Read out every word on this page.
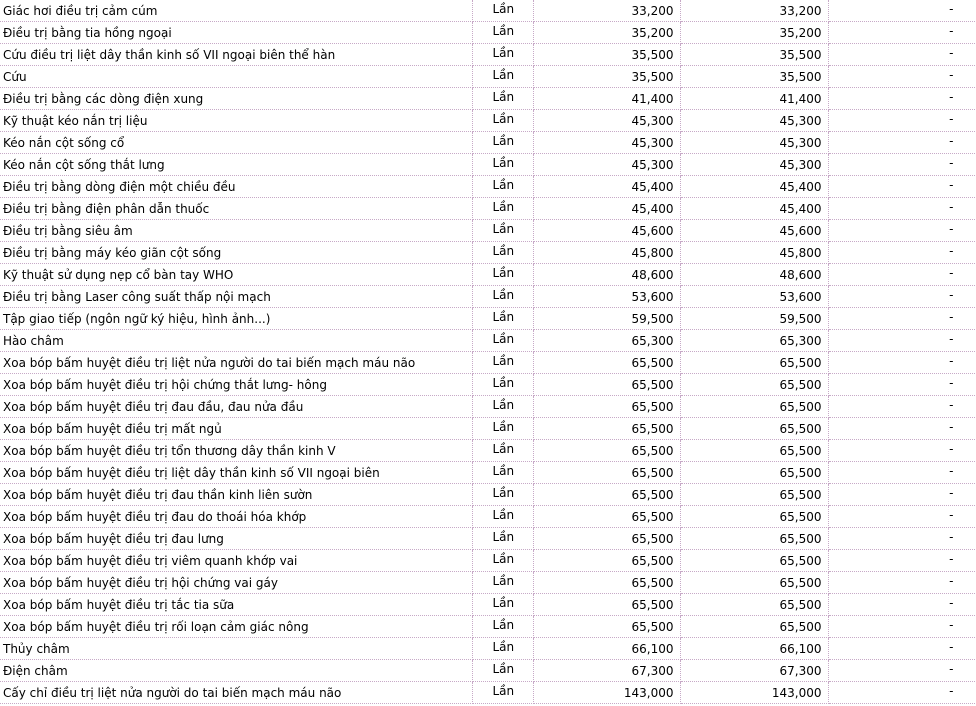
Giác hơi điều trị cảm cúm	Lần	33,200	33,200	-
Điều trị bằng tia hồng ngoại	Lần	35,200	35,200	-
Cứu điều trị liệt dây thần kinh số VII ngoại biên thể hàn	Lần	35,500	35,500	-
Cứu	Lần	35,500	35,500	-
Điều trị bằng các dòng điện xung	Lần	41,400	41,400	-
Kỹ thuật kéo nắn trị liệu	Lần	45,300	45,300	-
Kéo nắn cột sống cổ	Lần	45,300	45,300	-
Kéo nắn cột sống thắt lưng	Lần	45,300	45,300	-
Điều trị bằng dòng điện một chiều đều	Lần	45,400	45,400	-
Điều trị bằng điện phân dẫn thuốc	Lần	45,400	45,400	-
Điều trị bằng siêu âm	Lần	45,600	45,600	-
Điều trị bằng máy kéo giãn cột sống	Lần	45,800	45,800	-
Kỹ thuật sử dụng nẹp cổ bàn tay WHO	Lần	48,600	48,600	-
Điều trị bằng Laser công suất thấp nội mạch	Lần	53,600	53,600	-
Tập giao tiếp (ngôn ngữ ký hiệu, hình ảnh...)	Lần	59,500	59,500	-
Hào châm	Lần	65,300	65,300	-
Xoa bóp bấm huyệt điều trị liệt nửa người do tai biến mạch máu não	Lần	65,500	65,500	-
Xoa bóp bấm huyệt điều trị hội chứng thắt lưng- hông	Lần	65,500	65,500	-
Xoa bóp bấm huyệt điều trị đau đầu, đau nửa đầu	Lần	65,500	65,500	-
Xoa bóp bấm huyệt điều trị mất ngủ	Lần	65,500	65,500	-
Xoa bóp bấm huyệt điều trị tổn thương dây thần kinh V	Lần	65,500	65,500	-
Xoa bóp bấm huyệt điều trị liệt dây thần kinh số VII ngoại biên	Lần	65,500	65,500	-
Xoa bóp bấm huyệt điều trị đau thần kinh liên sườn	Lần	65,500	65,500	-
Xoa bóp bấm huyệt điều trị đau do thoái hóa khớp	Lần	65,500	65,500	-
Xoa bóp bấm huyệt điều trị đau lưng	Lần	65,500	65,500	-
Xoa bóp bấm huyệt điều trị viêm quanh khớp vai	Lần	65,500	65,500	-
Xoa bóp bấm huyệt điều trị hội chứng vai gáy	Lần	65,500	65,500	-
Xoa bóp bấm huyệt điều trị tắc tia sữa	Lần	65,500	65,500	-
Xoa bóp bấm huyệt điều trị rối loạn cảm giác nông	Lần	65,500	65,500	-
Thủy châm	Lần	66,100	66,100	-
Điện châm	Lần	67,300	67,300	-
Cấy chỉ điều trị liệt nửa người do tai biến mạch máu não	Lần	143,000	143,000	-
